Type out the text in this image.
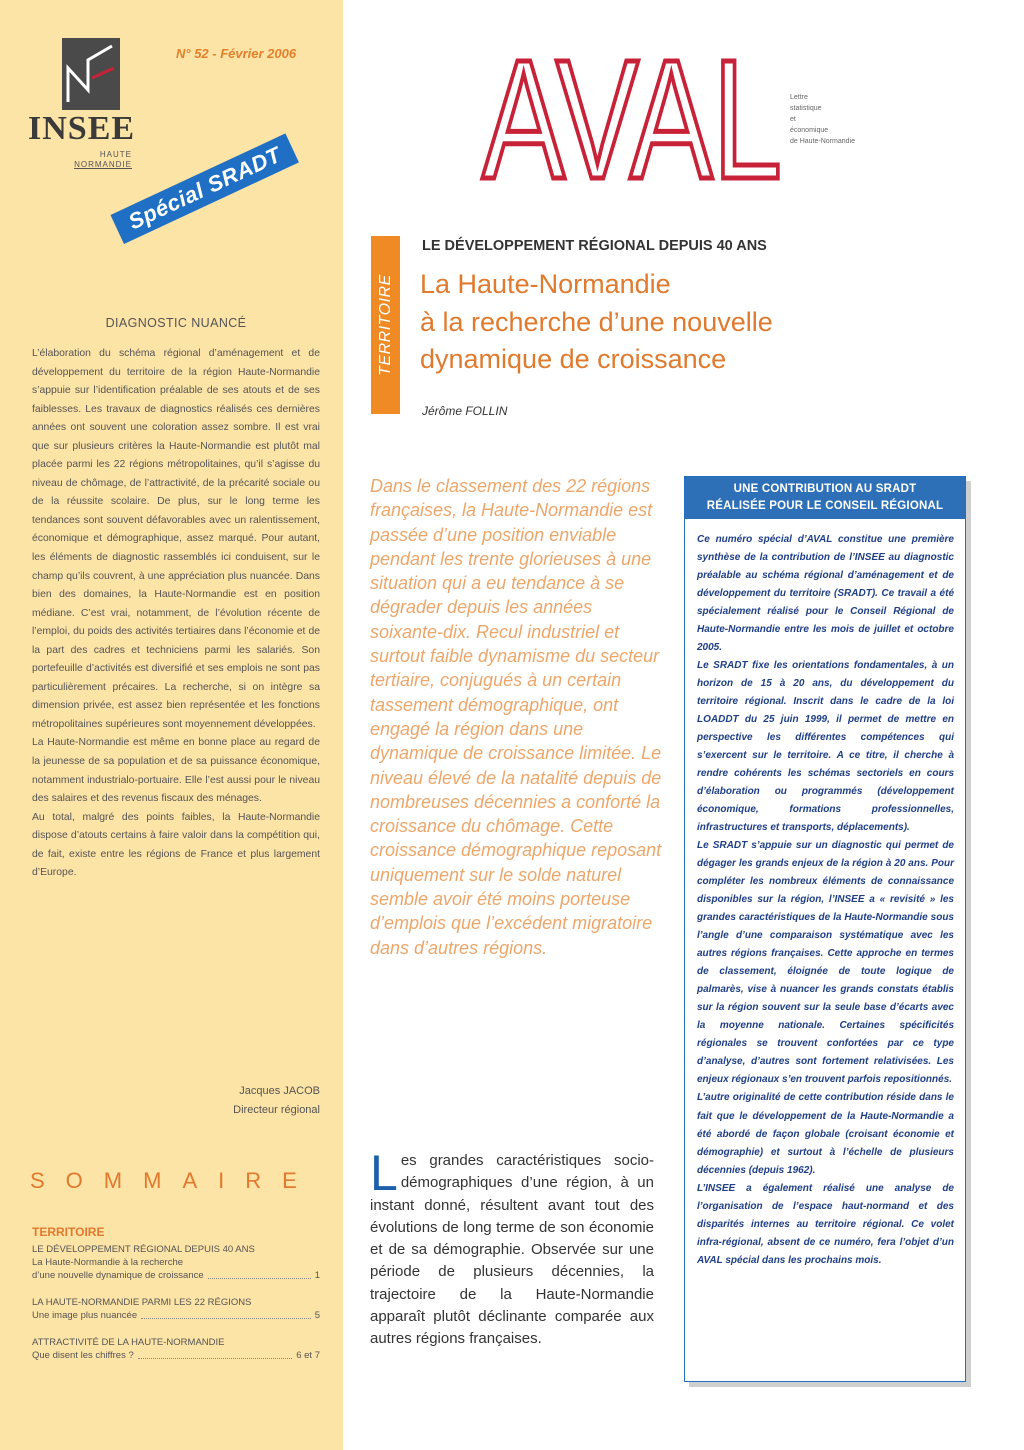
INSEE
HAUTE
NORMANDIE
N° 52 - Février 2006
Spécial SRADT
DIAGNOSTIC NUANCÉ

L’élaboration du schéma régional d’aménagement et de développement du territoire de la région Haute-Normandie s’appuie sur l’identification préalable de ses atouts et de ses faiblesses. Les travaux de diagnostics réalisés ces dernières années ont souvent une coloration assez sombre. Il est vrai que sur plusieurs critères la Haute-Normandie est plutôt mal placée parmi les 22 régions métropolitaines, qu’il s’agisse du niveau de chômage, de l’attractivité, de la précarité sociale ou de la réussite scolaire. De plus, sur le long terme les tendances sont souvent défavorables avec un ralentissement, économique et démographique, assez marqué. Pour autant, les éléments de diagnostic rassemblés ici conduisent, sur le champ qu’ils couvrent, à une appréciation plus nuancée. Dans bien des domaines, la Haute-Normandie est en position médiane. C’est vrai, notamment, de l’évolution récente de l’emploi, du poids des activités tertiaires dans l’économie et de la part des cadres et techniciens parmi les salariés. Son portefeuille d’activités est diversifié et ses emplois ne sont pas particulièrement précaires. La recherche, si on intègre sa dimension privée, est assez bien représentée et les fonctions métropolitaines supérieures sont moyennement développées.

La Haute-Normandie est même en bonne place au regard de la jeunesse de sa population et de sa puissance économique, notamment industrialo-portuaire. Elle l’est aussi pour le niveau des salaires et des revenus fiscaux des ménages.

Au total, malgré des points faibles, la Haute-Normandie dispose d’atouts certains à faire valoir dans la compétition qui, de fait, existe entre les régions de France et plus largement d’Europe.

Jacques JACOB
Directeur régional
SOMMAIRE
TERRITOIRE
LE DÉVELOPPEMENT RÉGIONAL DEPUIS 40 ANS
La Haute-Normandie à la recherche
d’une nouvelle dynamique de croissance	1
LA HAUTE-NORMANDIE PARMI LES 22 RÉGIONS
Une image plus nuancée	5
ATTRACTIVITÉ DE LA HAUTE-NORMANDIE
Que disent les chiffres ?	6 et 7
AVAL Lettre
statistique
et
économique
de Haute-Normandie
TERRITOIRE
LE DÉVELOPPEMENT RÉGIONAL DEPUIS 40 ANS
La Haute-Normandie
à la recherche d’une nouvelle
dynamique de croissance
Jérôme FOLLIN
Dans le classement des 22 régions françaises, la Haute-Normandie est passée d’une position enviable pendant les trente glorieuses à une situation qui a eu tendance à se dégrader depuis les années soixante-dix. Recul industriel et surtout faible dynamisme du secteur tertiaire, conjugués à un certain tassement démographique, ont engagé la région dans une dynamique de croissance limitée. Le niveau élevé de la natalité depuis de nombreuses décennies a conforté la croissance du chômage. Cette croissance démographique reposant uniquement sur le solde naturel semble avoir été moins porteuse d’emplois que l’excédent migratoire dans d’autres régions.
Les grandes caractéristiques socio-démographiques d’une région, à un instant donné, résultent avant tout des évolutions de long terme de son économie et de sa démographie. Observée sur une période de plusieurs décennies, la trajectoire de la Haute-Normandie apparaît plutôt déclinante comparée aux autres régions françaises.
UNE CONTRIBUTION AU SRADT
RÉALISÉE POUR LE CONSEIL RÉGIONAL

Ce numéro spécial d’AVAL constitue une première synthèse de la contribution de l’INSEE au diagnostic préalable au schéma régional d’aménagement et de développement du territoire (SRADT). Ce travail a été spécialement réalisé pour le Conseil Régional de Haute-Normandie entre les mois de juillet et octobre 2005.

Le SRADT fixe les orientations fondamentales, à un horizon de 15 à 20 ans, du développement du territoire régional. Inscrit dans le cadre de la loi LOADDT du 25 juin 1999, il permet de mettre en perspective les différentes compétences qui s’exercent sur le territoire. A ce titre, il cherche à rendre cohérents les schémas sectoriels en cours d’élaboration ou programmés (développement économique, formations professionnelles, infrastructures et transports, déplacements).

Le SRADT s’appuie sur un diagnostic qui permet de dégager les grands enjeux de la région à 20 ans. Pour compléter les nombreux éléments de connaissance disponibles sur la région, l’INSEE a « revisité » les grandes caractéristiques de la Haute-Normandie sous l’angle d’une comparaison systématique avec les autres régions françaises. Cette approche en termes de classement, éloignée de toute logique de palmarès, vise à nuancer les grands constats établis sur la région souvent sur la seule base d’écarts avec la moyenne nationale. Certaines spécificités régionales se trouvent confortées par ce type d’analyse, d’autres sont fortement relativisées. Les enjeux régionaux s’en trouvent parfois repositionnés.

L’autre originalité de cette contribution réside dans le fait que le développement de la Haute-Normandie a été abordé de façon globale (croisant économie et démographie) et surtout à l’échelle de plusieurs décennies (depuis 1962).

L’INSEE a également réalisé une analyse de l’organisation de l’espace haut-normand et des disparités internes au territoire régional. Ce volet infra-régional, absent de ce numéro, fera l’objet d’un AVAL spécial dans les prochains mois.
